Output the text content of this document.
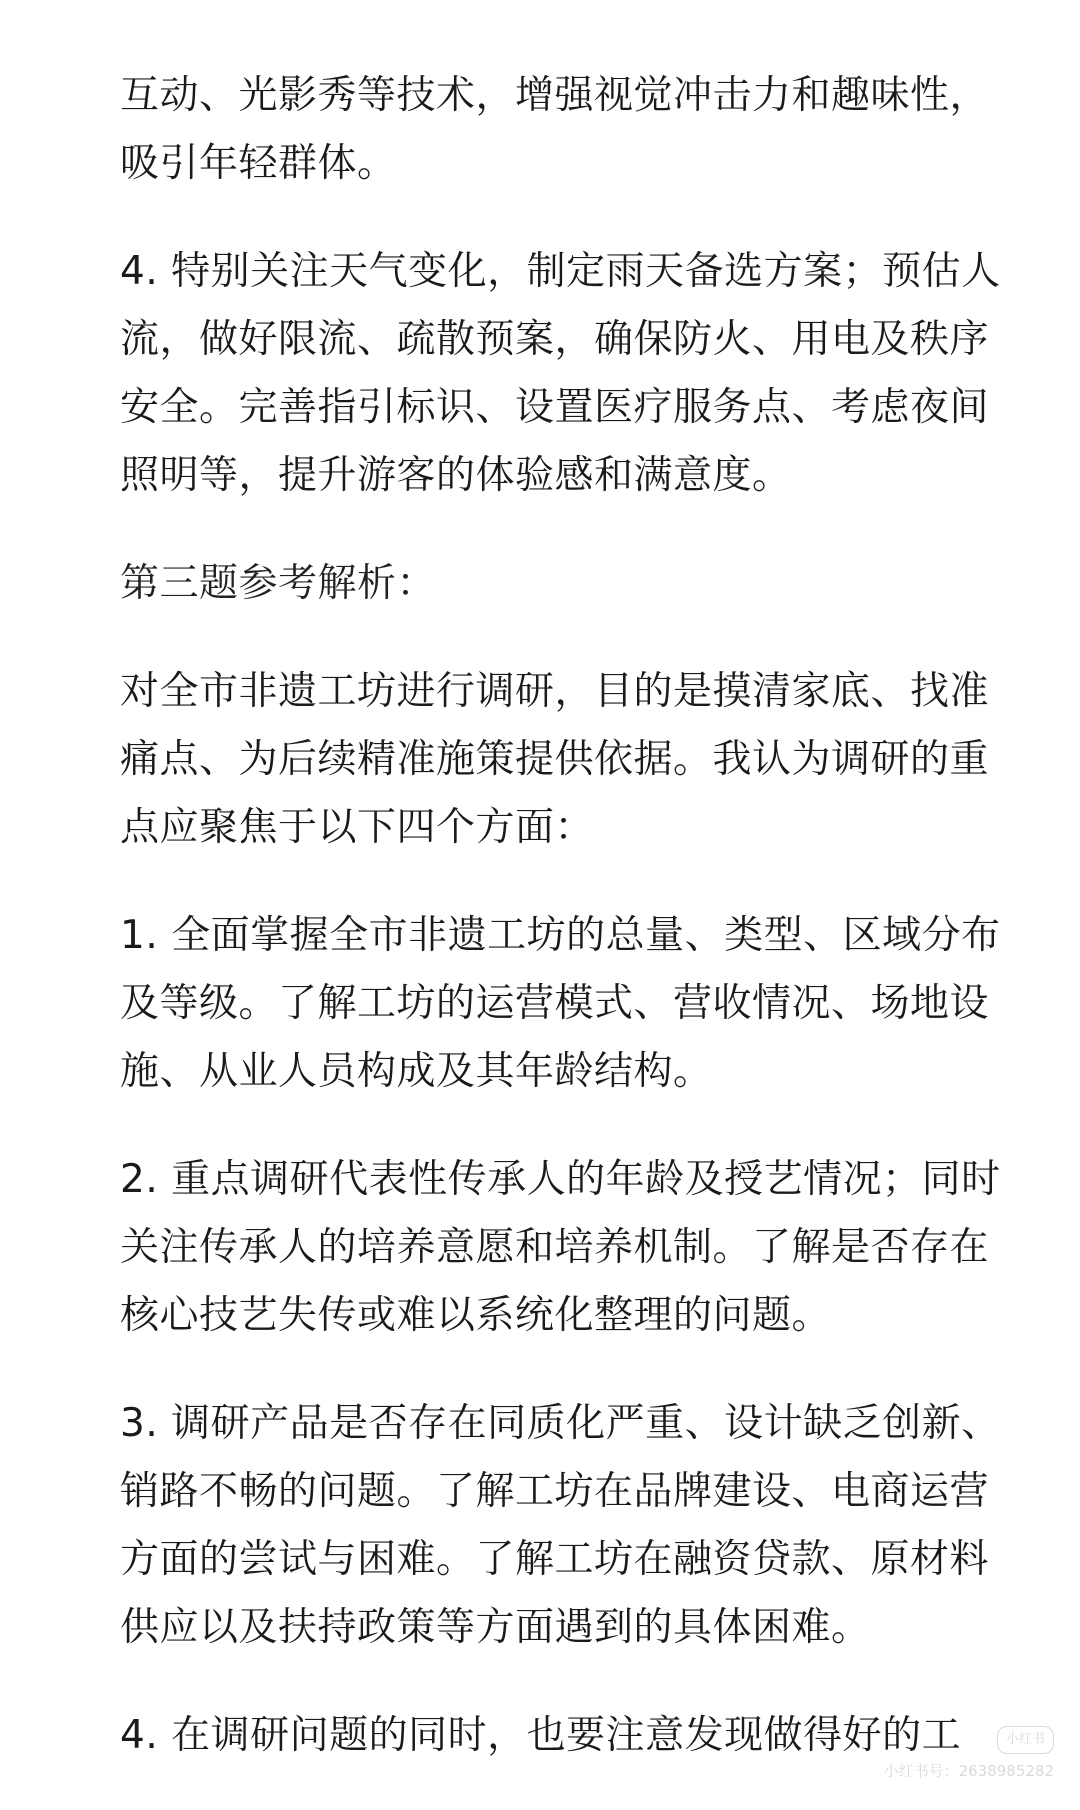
互动、光影秀等技术，增强视觉冲击力和趣味性，
吸引年轻群体。

4. 特别关注天气变化，制定雨天备选方案；预估人
流，做好限流、疏散预案，确保防火、用电及秩序
安全。完善指引标识、设置医疗服务点、考虑夜间
照明等，提升游客的体验感和满意度。

第三题参考解析：

对全市非遗工坊进行调研，目的是摸清家底、找准
痛点、为后续精准施策提供依据。我认为调研的重
点应聚焦于以下四个方面：

1. 全面掌握全市非遗工坊的总量、类型、区域分布
及等级。了解工坊的运营模式、营收情况、场地设
施、从业人员构成及其年龄结构。

2. 重点调研代表性传承人的年龄及授艺情况；同时
关注传承人的培养意愿和培养机制。了解是否存在
核心技艺失传或难以系统化整理的问题。

3. 调研产品是否存在同质化严重、设计缺乏创新、
销路不畅的问题。了解工坊在品牌建设、电商运营
方面的尝试与困难。了解工坊在融资贷款、原材料
供应以及扶持政策等方面遇到的具体困难。

4. 在调研问题的同时，也要注意发现做得好的工	小红书
小红书号：2638985282
